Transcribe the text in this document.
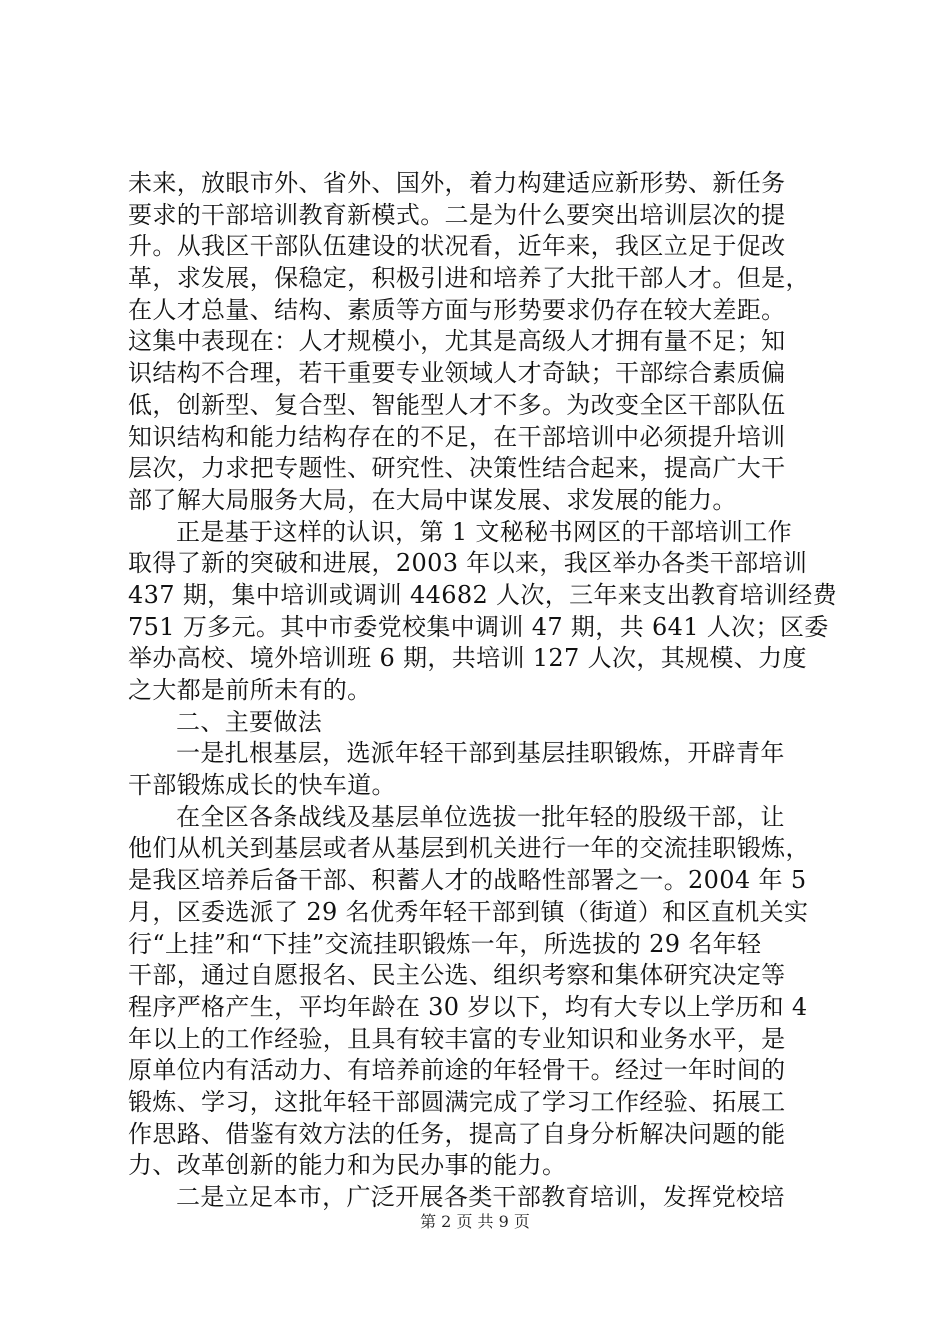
未来，放眼市外、省外、国外，着力构建适应新形势、新任务
要求的干部培训教育新模式。二是为什么要突出培训层次的提
升。从我区干部队伍建设的状况看，近年来，我区立足于促改
革，求发展，保稳定，积极引进和培养了大批干部人才。但是，
在人才总量、结构、素质等方面与形势要求仍存在较大差距。
这集中表现在：人才规模小，尤其是高级人才拥有量不足；知
识结构不合理，若干重要专业领域人才奇缺；干部综合素质偏
低，创新型、复合型、智能型人才不多。为改变全区干部队伍
知识结构和能力结构存在的不足，在干部培训中必须提升培训
层次，力求把专题性、研究性、决策性结合起来，提高广大干
部了解大局服务大局，在大局中谋发展、求发展的能力。
正是基于这样的认识，第 1 文秘秘书网区的干部培训工作
取得了新的突破和进展，2003 年以来，我区举办各类干部培训
437 期，集中培训或调训 44682 人次，三年来支出教育培训经费
751 万多元。其中市委党校集中调训 47 期，共 641 人次；区委
举办高校、境外培训班 6 期，共培训 127 人次，其规模、力度
之大都是前所未有的。
二、主要做法
一是扎根基层，选派年轻干部到基层挂职锻炼，开辟青年
干部锻炼成长的快车道。
在全区各条战线及基层单位选拔一批年轻的股级干部，让
他们从机关到基层或者从基层到机关进行一年的交流挂职锻炼，
是我区培养后备干部、积蓄人才的战略性部署之一。2004 年 5
月，区委选派了 29 名优秀年轻干部到镇（街道）和区直机关实
行“上挂”和“下挂”交流挂职锻炼一年，所选拔的 29 名年轻
干部，通过自愿报名、民主公选、组织考察和集体研究决定等
程序严格产生，平均年龄在 30 岁以下，均有大专以上学历和 4
年以上的工作经验，且具有较丰富的专业知识和业务水平，是
原单位内有活动力、有培养前途的年轻骨干。经过一年时间的
锻炼、学习，这批年轻干部圆满完成了学习工作经验、拓展工
作思路、借鉴有效方法的任务，提高了自身分析解决问题的能
力、改革创新的能力和为民办事的能力。
二是立足本市，广泛开展各类干部教育培训，发挥党校培
第 2 页 共 9 页
